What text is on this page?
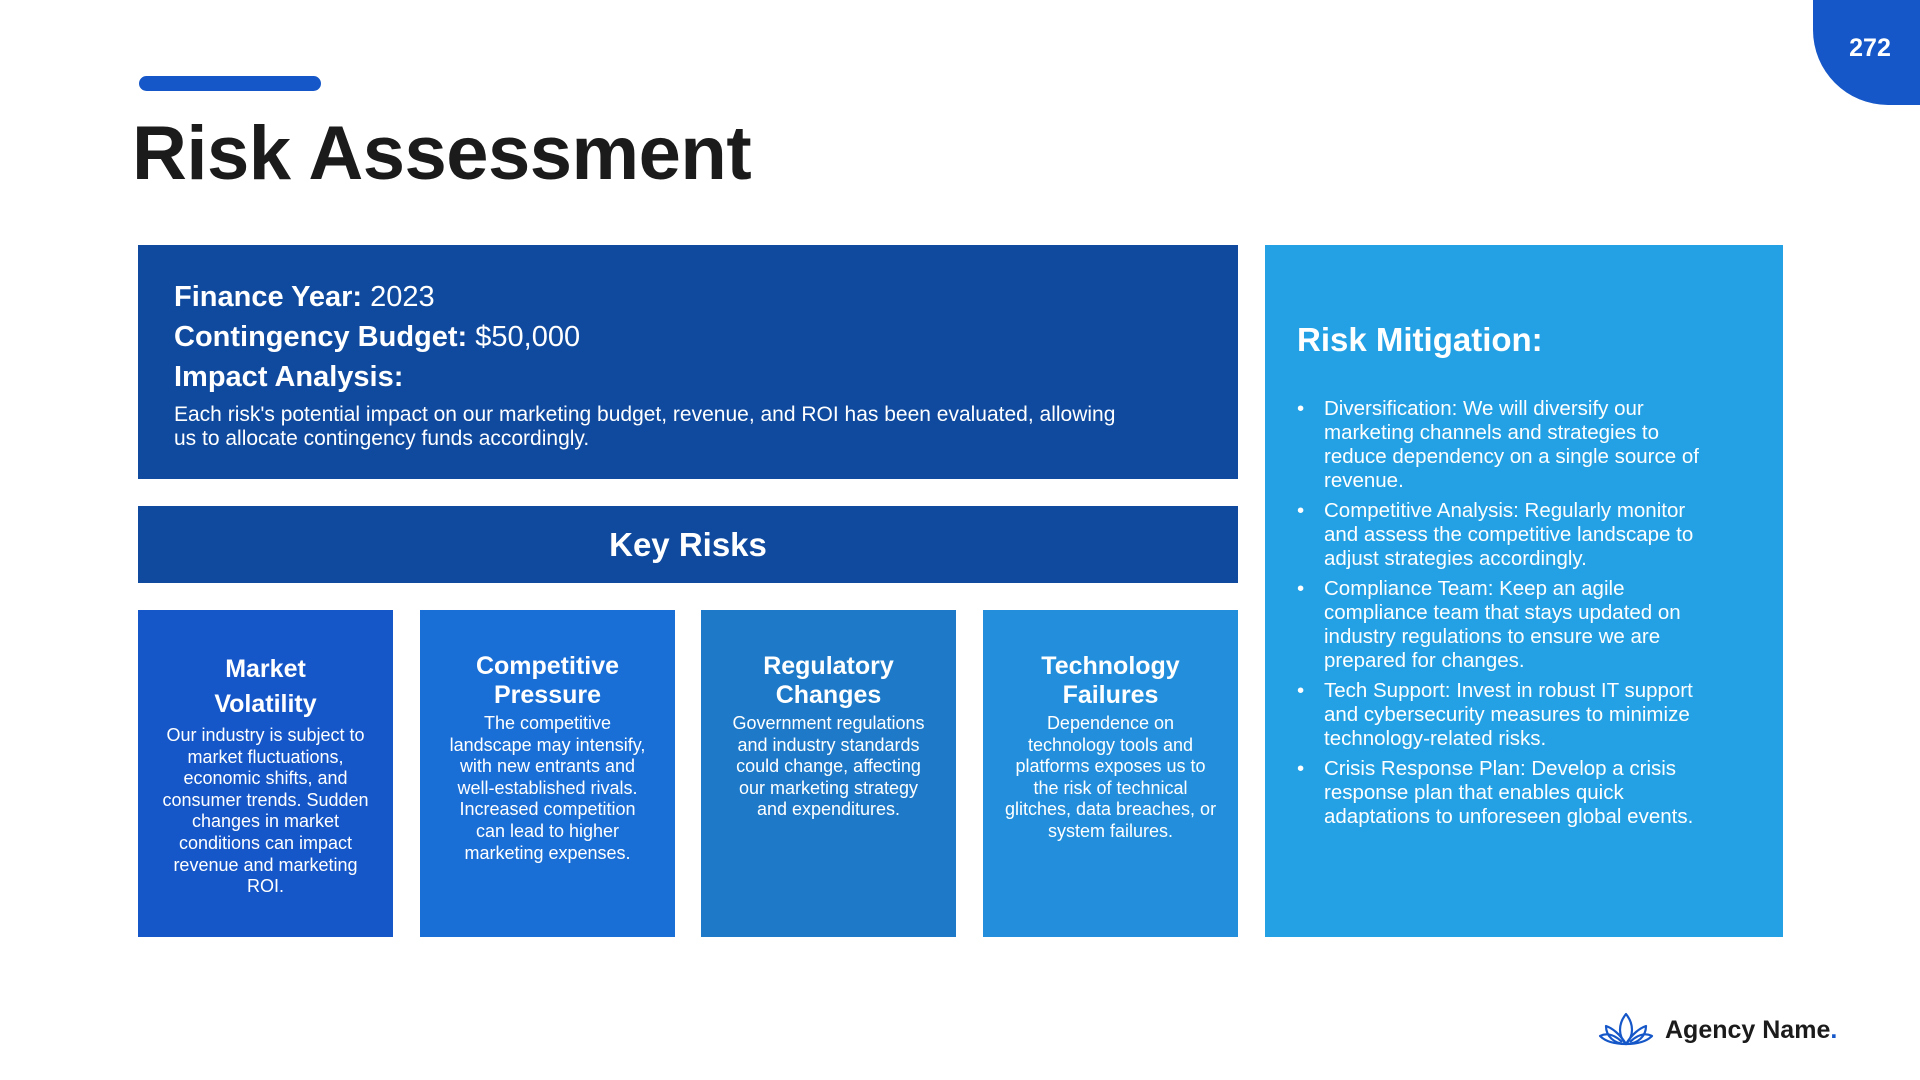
272
Risk Assessment
Finance Year: 2023
Contingency Budget: $50,000
Impact Analysis:
Each risk's potential impact on our marketing budget, revenue, and ROI has been evaluated, allowing
us to allocate contingency funds accordingly.
Key Risks
Market
Volatility
Our industry is subject to
market fluctuations,
economic shifts, and
consumer trends. Sudden
changes in market
conditions can impact
revenue and marketing
ROI.
Competitive
Pressure
The competitive
landscape may intensify,
with new entrants and
well-established rivals.
Increased competition
can lead to higher
marketing expenses.
Regulatory
Changes
Government regulations
and industry standards
could change, affecting
our marketing strategy
and expenditures.
Technology
Failures
Dependence on
technology tools and
platforms exposes us to
the risk of technical
glitches, data breaches, or
system failures.
Risk Mitigation:
• Diversification: We will diversify our
marketing channels and strategies to
reduce dependency on a single source of
revenue.
• Competitive Analysis: Regularly monitor
and assess the competitive landscape to
adjust strategies accordingly.
• Compliance Team: Keep an agile
compliance team that stays updated on
industry regulations to ensure we are
prepared for changes.
• Tech Support: Invest in robust IT support
and cybersecurity measures to minimize
technology-related risks.
• Crisis Response Plan: Develop a crisis
response plan that enables quick
adaptations to unforeseen global events.
Agency Name.
